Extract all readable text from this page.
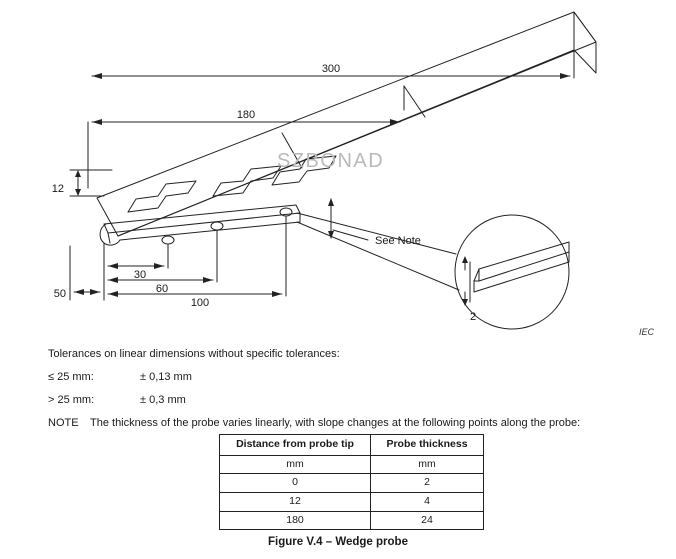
300
180
12
50
30
60
100
2
See Note
SZBONAD
IEC
Tolerances on linear dimensions without specific tolerances:
≤ 25 mm:	± 0,13 mm
> 25 mm:	± 0,3 mm
NOTE	The thickness of the probe varies linearly, with slope changes at the following points along the probe:
Distance from probe tip	Probe thickness
mm	mm
0	2
12	4
180	24
Figure V.4 – Wedge probe
